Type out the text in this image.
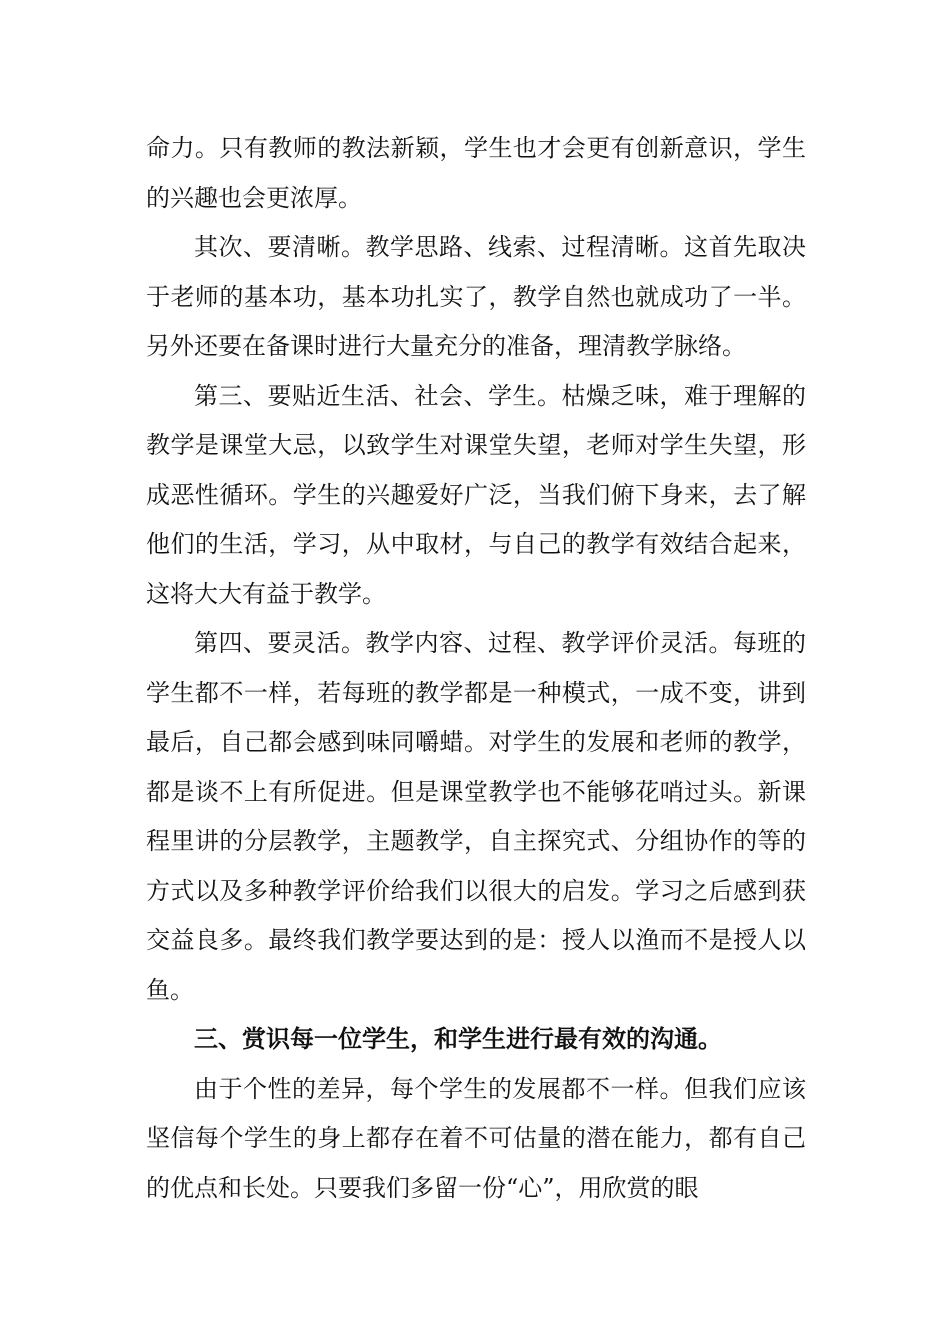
命力。只有教师的教法新颖，学生也才会更有创新意识，学生的兴趣也会更浓厚。

其次、要清晰。教学思路、线索、过程清晰。这首先取决于老师的基本功，基本功扎实了，教学自然也就成功了一半。另外还要在备课时进行大量充分的准备，理清教学脉络。

第三、要贴近生活、社会、学生。枯燥乏味，难于理解的教学是课堂大忌，以致学生对课堂失望，老师对学生失望，形成恶性循环。学生的兴趣爱好广泛，当我们俯下身来，去了解他们的生活，学习，从中取材，与自己的教学有效结合起来，这将大大有益于教学。

第四、要灵活。教学内容、过程、教学评价灵活。每班的学生都不一样，若每班的教学都是一种模式，一成不变，讲到最后，自己都会感到味同嚼蜡。对学生的发展和老师的教学，都是谈不上有所促进。但是课堂教学也不能够花哨过头。新课程里讲的分层教学，主题教学，自主探究式、分组协作的等的方式以及多种教学评价给我们以很大的启发。学习之后感到获交益良多。最终我们教学要达到的是：授人以渔而不是授人以鱼。

三、赏识每一位学生，和学生进行最有效的沟通。

由于个性的差异，每个学生的发展都不一样。但我们应该坚信每个学生的身上都存在着不可估量的潜在能力，都有自己的优点和长处。只要我们多留一份“心”，用欣赏的眼
